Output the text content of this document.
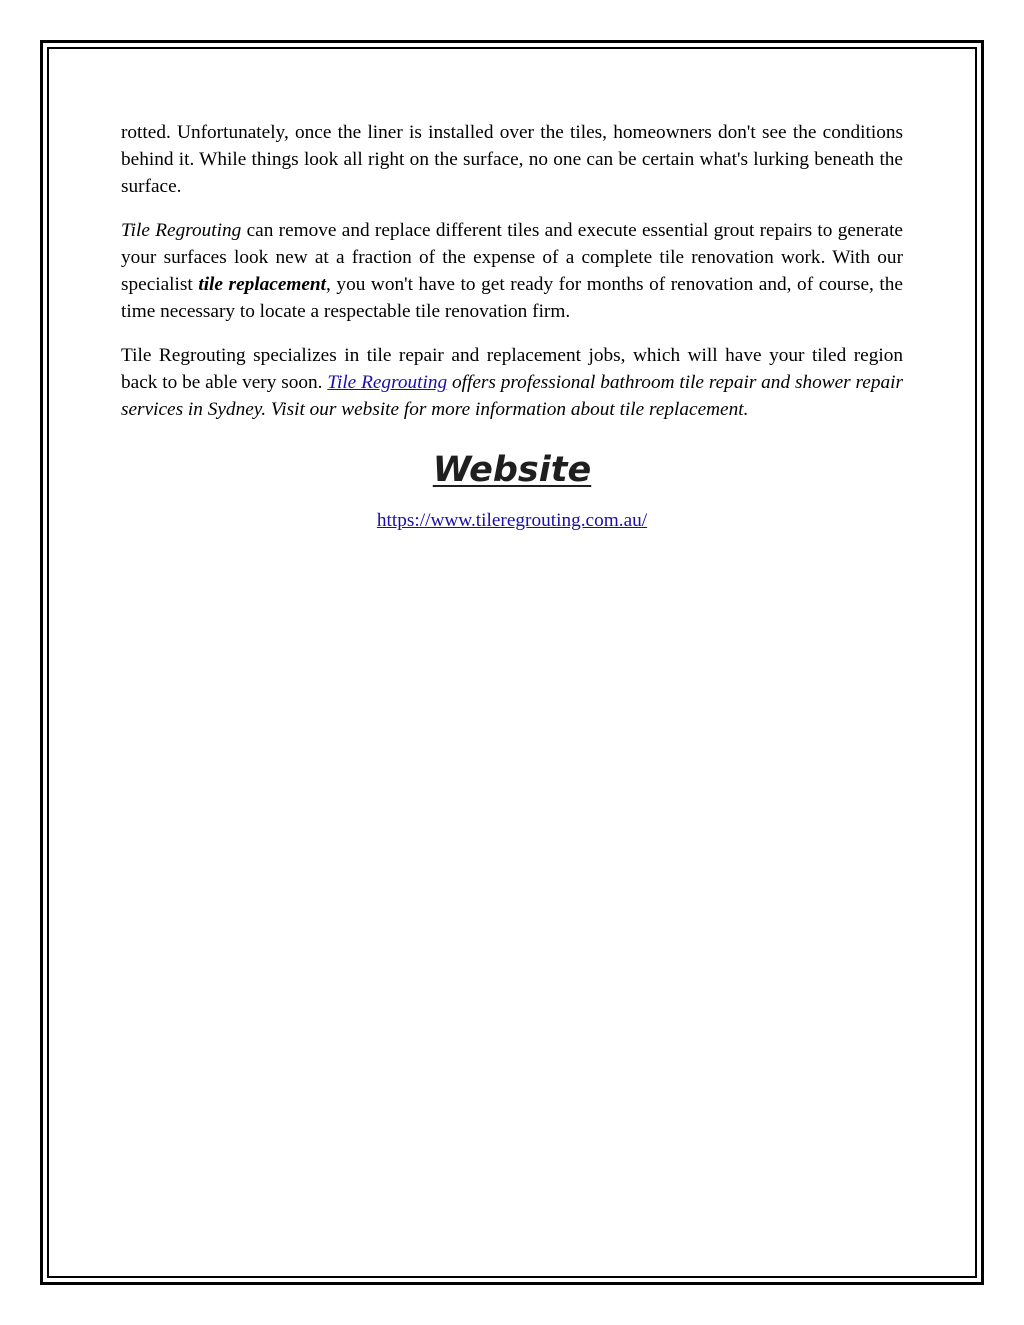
rotted. Unfortunately, once the liner is installed over the tiles, homeowners don't see the conditions behind it. While things look all right on the surface, no one can be certain what's lurking beneath the surface.

Tile Regrouting can remove and replace different tiles and execute essential grout repairs to generate your surfaces look new at a fraction of the expense of a complete tile renovation work. With our specialist tile replacement, you won't have to get ready for months of renovation and, of course, the time necessary to locate a respectable tile renovation firm.

Tile Regrouting specializes in tile repair and replacement jobs, which will have your tiled region back to be able very soon. Tile Regrouting offers professional bathroom tile repair and shower repair services in Sydney. Visit our website for more information about tile replacement.

Website
https://www.tileregrouting.com.au/
